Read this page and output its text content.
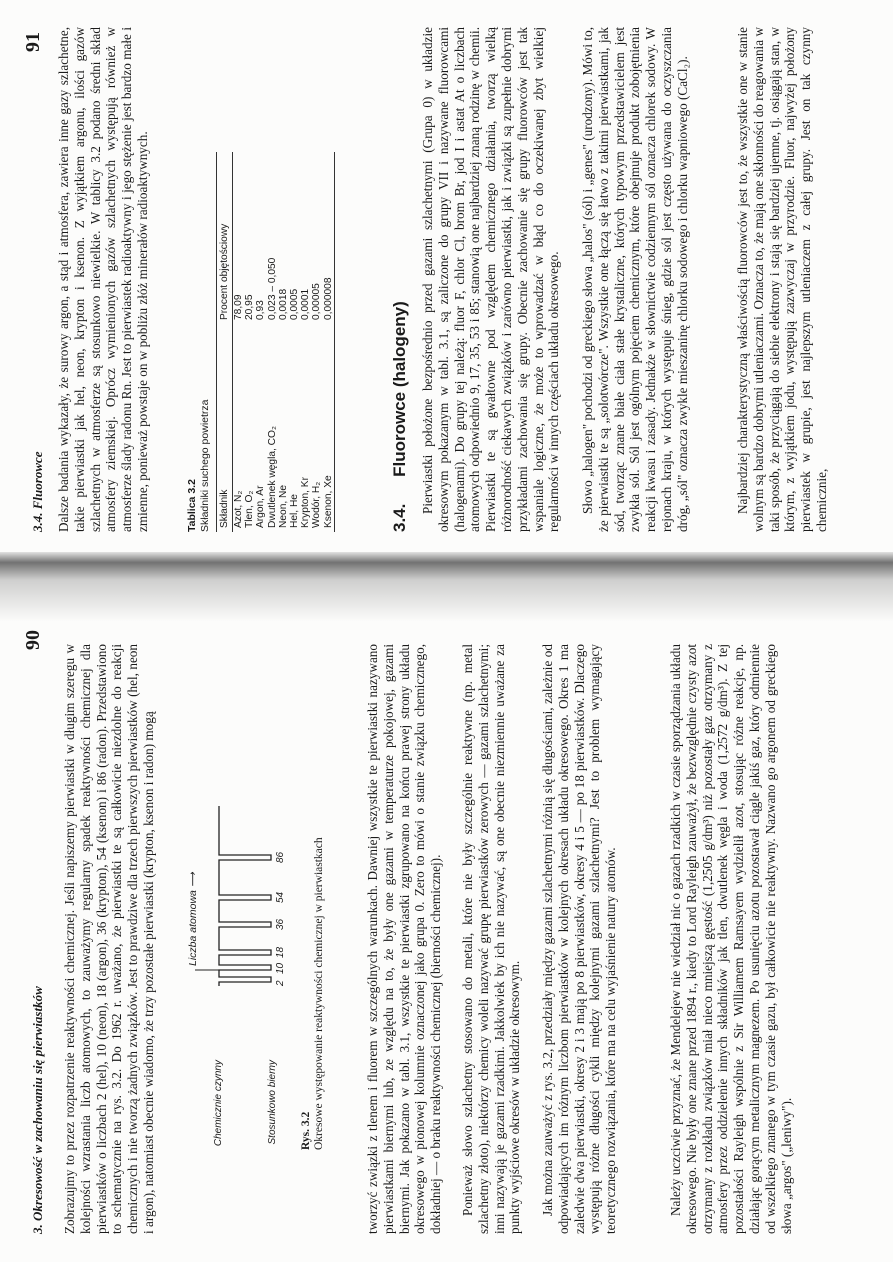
3. Okresowość w zachowaniu się pierwiastków
90

Zobrazujmy to przez rozpatrzenie reaktywności chemicznej. Jeśli napiszemy pierwiastki w długim szeregu w kolejności wzrastania liczb atomowych, to zauważymy regularny spadek reaktywności chemicznej dla pierwiastków o liczbach 2 (hel), 10 (neon), 18 (argon), 36 (krypton), 54 (ksenon) i 86 (radon). Przedstawiono to schematycznie na rys. 3.2. Do 1962 r. uważano, że pierwiastki te są całkowicie niezdolne do reakcji chemicznych i nie tworzą żadnych związków. Jest to prawdziwe dla trzech pierwszych pierwiastków (hel, neon i argon), natomiast obecnie wiadomo, że trzy pozostałe pierwiastki (krypton, ksenon i radon) mogą	Liczba atomowa ⟶
Chemicznie czynny	Stosunkowo bierny
2
10
18
36
54
86
Rys. 3.2 Okresowe występowanie reaktywności chemicznej w pierwiastkach	tworzyć związki z tlenem i fluorem w szczególnych warunkach. Dawniej wszystkie te pierwiastki nazywano pierwiastkami biernymi lub, ze względu na to, że były one gazami w temperaturze pokojowej, gazami biernymi. Jak pokazano w tabl. 3.1, wszystkie te pierwiastki zgrupowano na końcu prawej strony układu okresowego w pionowej kolumnie oznaczonej jako grupa 0. Zero to mówi o stanie związku chemicznego, dokładniej — o braku reaktywności chemicznej (bierności chemicznej). Ponieważ słowo szlachetny stosowano do metali, które nie były szczególnie reaktywne (np. metal szlachetny złoto), niektórzy chemicy woleli nazywać grupę pierwiastków zerowych — gazami szlachetnymi; inni nazywają je gazami rzadkimi. Jakkolwiek by ich nie nazywać, są one obecnie niezmiennie uważane za punkty wyjściowe okresów w układzie okresowym. Jak można zauważyć z rys. 3.2, przedziały między gazami szlachetnymi różnią się długościami, zależnie od odpowiadających im różnym liczbom pierwiastków w kolejnych okresach układu okresowego. Okres 1 ma zaledwie dwa pierwiastki, okresy 2 i 3 mają po 8 pierwiastków, okresy 4 i 5 — po 18 pierwiastków. Dlaczego występują różne długości cykli między kolejnymi gazami szlachetnymi? Jest to problem wymagający teoretycznego rozwiązania, które ma na celu wyjaśnienie natury atomów.	Należy uczciwie przyznać, że Mendelejew nie wiedział nic o gazach rzadkich w czasie sporządzania układu okresowego. Nie były one znane przed 1894 r., kiedy to Lord Rayleigh zauważył, że bezwzględnie czysty azot otrzymany z rozkładu związków miał nieco mniejszą gęstość (1,2505 g/dm³) niż pozostały gaz otrzymany z atmosfery przez oddzielenie innych składników jak tlen, dwutlenek węgla i woda (1,2572 g/dm³). Z tej pozostałości Rayleigh wspólnie z Sir Williamem Ramsayem wydzielił azot, stosując różne reakcje, np. działając gorącym metalicznym magnezem. Po usunięciu azotu pozostawał ciągle jakiś gaz, który odmiennie od wszelkiego znanego w tym czasie gazu, był całkowicie nie reaktywny. Nazwano go argonem od greckiego słowa „argos" („leniwy").

3.4. Fluorowce
91 Dalsze badania wykazały, że surowy argon, a stąd i atmosfera, zawiera inne gazy szlachetne, takie pierwiastki jak hel, neon, krypton i ksenon. Z wyjątkiem argonu, ilości gazów szlachetnych w atmosferze są stosunkowo niewielkie. W tablicy 3.2 podano średni skład atmosfery ziemskiej. Oprócz wymienionych gazów szlachetnych występują również w atmosferze ślady radonu Rn. Jest to pierwiastek radioaktywny i jego stężenie jest bardzo małe i zmienne, ponieważ powstaje on w pobliżu złóż minerałów radioaktywnych.	Tablica 3.2 Składniki suchego powietrza Składnik	Procent objętościowy
Azot, N₂	78,09
Tlen, O₂	20,95
Argon, Ar	0,93
Dwutlenek węgla, CO₂	0,023 – 0,050
Neon, Ne	0,0018
Hel, He	0,0005
Krypton, Kr	0,0001
Wodór, H₂	0,00005
Ksenon, Xe	0,000008
3.4. Fluorowce (halogeny) Pierwiastki położone bezpośrednio przed gazami szlachetnymi (Grupa 0) w układzie okresowym pokazanym w tabl. 3.1, są zaliczone do grupy VII i nazywane fluorowcami (halogenami). Do grupy tej należą: fluor F, chlor Cl, brom Br, jod I i astat At o liczbach atomowych odpowiednio 9, 17, 35, 53 i 85; stanowią one najbardziej znaną rodzinę w chemii. Pierwiastki te są gwałtowne pod względem chemicznego działania, tworzą wielką różnorodność ciekawych związków i zarówno pierwiastki, jak i związki są zupełnie dobrymi przykładami zachowania się grupy. Obecnie zachowanie się grupy fluorowców jest tak wspaniale logiczne, że może to wprowadzać w błąd co do oczekiwanej zbyt wielkiej regularności w innych częściach układu okresowego. Słowo „halogen" pochodzi od greckiego słowa „halos" (sól) i „genes" (urodzony). Mówi to, że pierwiastki te są „solotwórcze". Wszystkie one łączą się łatwo z takimi pierwiastkami, jak sód, tworząc znane białe ciała stałe krystaliczne, których typowym przedstawicielem jest zwykła sól. Sól jest ogólnym pojęciem chemicznym, które obejmuje produkt zobojętnienia reakcji kwasu i zasady. Jednakże w słownictwie codziennym sól oznacza chlorek sodowy. W rejonach kraju, w których występuje śnieg, gdzie sól jest często używana do oczyszczania dróg, „sól" oznacza zwykle mieszaninę chlorku sodowego i chlorku wapniowego (CaCl₂).	Najbardziej charakterystyczną właściwością fluorowców jest to, że wszystkie one w stanie wolnym są bardzo dobrymi utleniaczami. Oznacza to, że mają one skłonności do reagowania w taki sposób, że przyciągają do siebie elektrony i stają się bardziej ujemne, tj. osiągają stan, w którym, z wyjątkiem jodu, występują zazwyczaj w przyrodzie. Fluor, najwyżej położony pierwiastek w grupie, jest najlepszym utleniaczem z całej grupy. Jest on tak czynny chemicznie,
